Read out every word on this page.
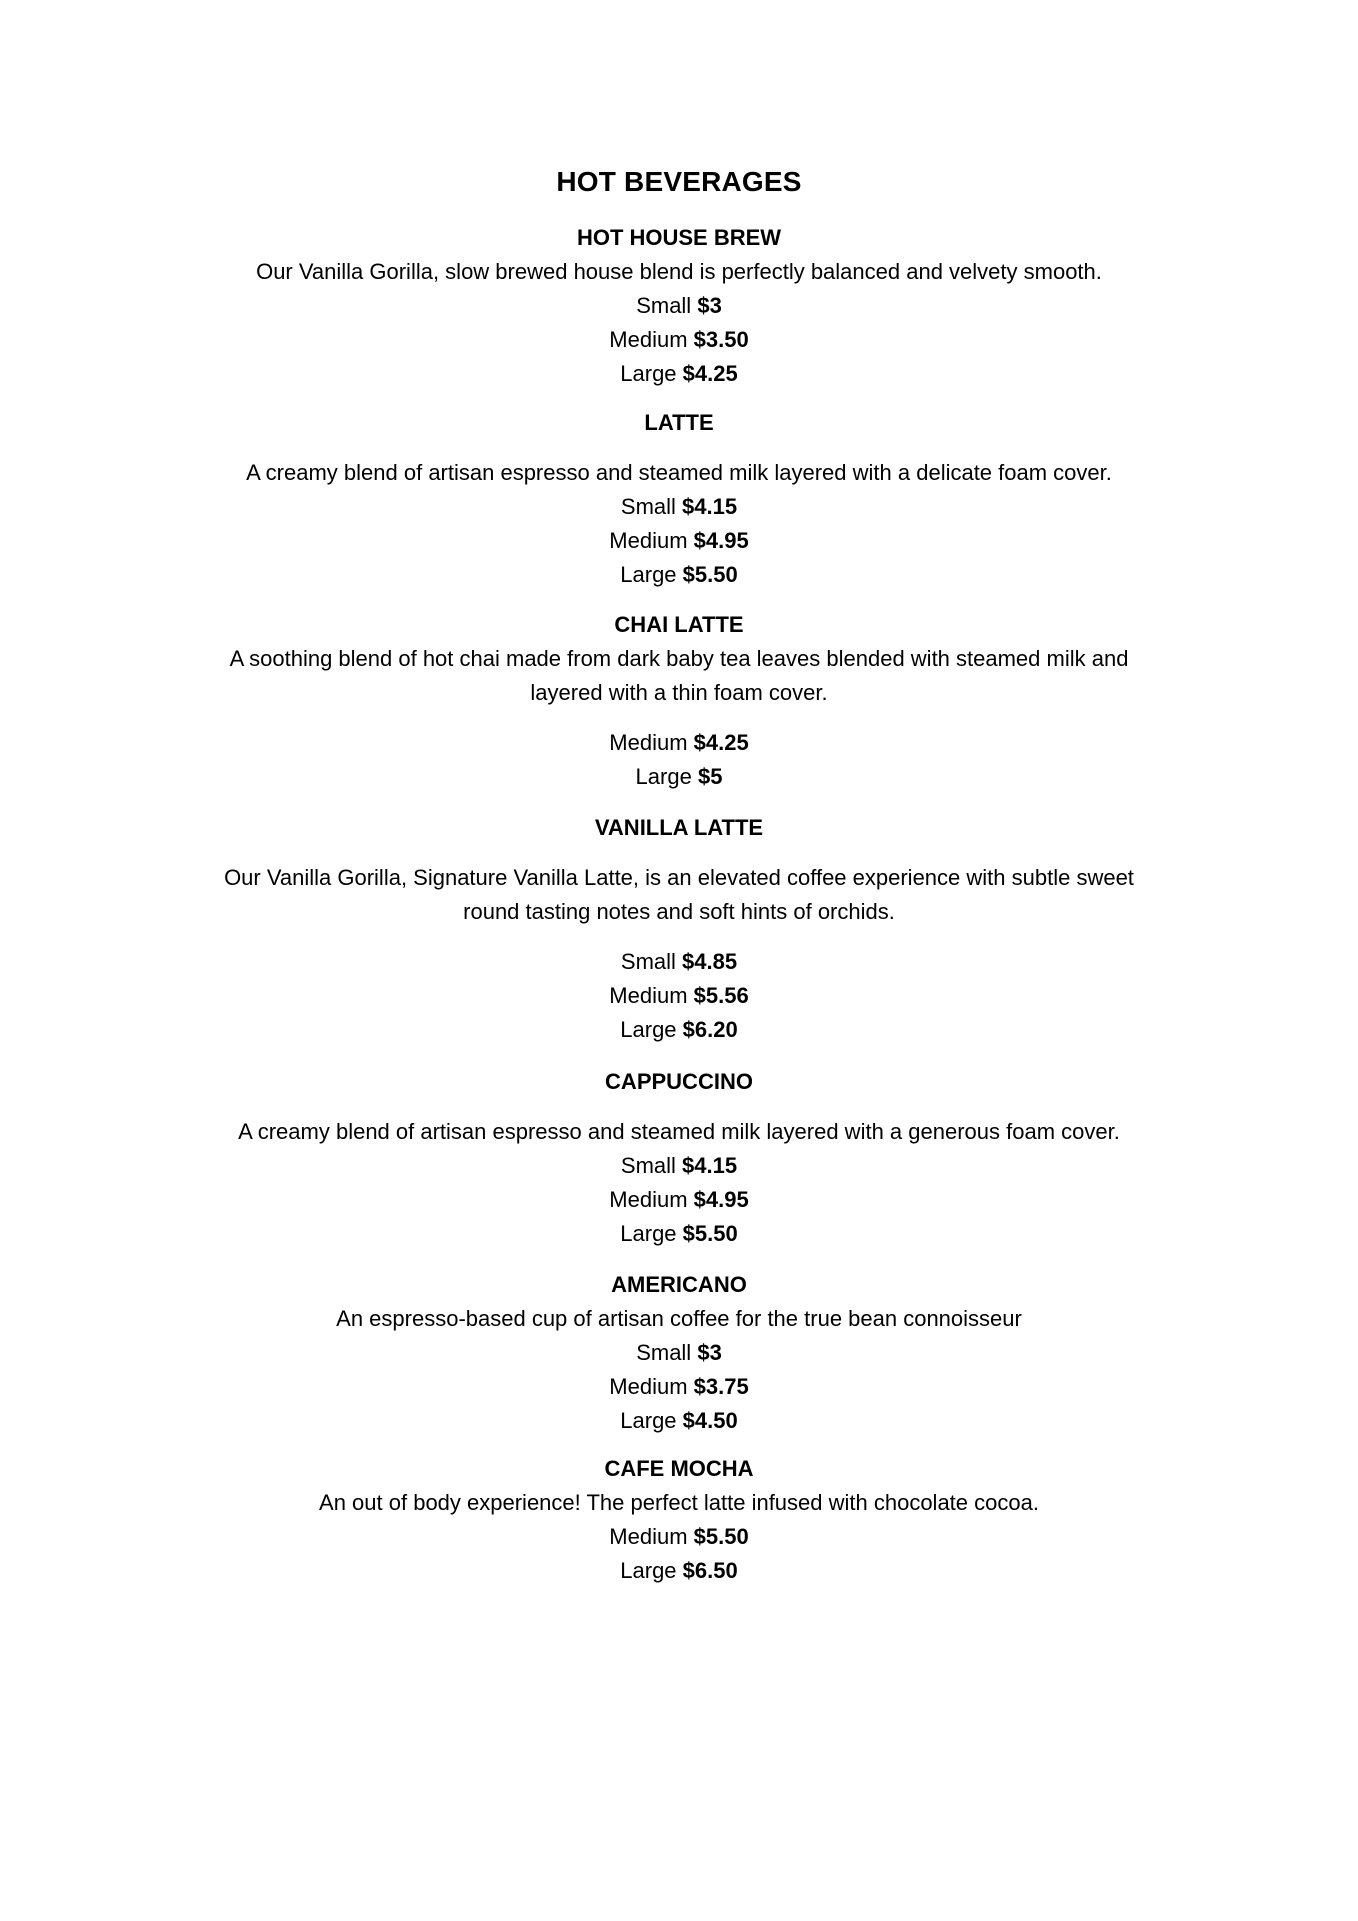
HOT BEVERAGES
HOT HOUSE BREW
Our Vanilla Gorilla, slow brewed house blend is perfectly balanced and velvety smooth.
Small $3
Medium $3.50
Large $4.25
LATTE
A creamy blend of artisan espresso and steamed milk layered with a delicate foam cover.
Small $4.15
Medium $4.95
Large $5.50
CHAI LATTE
A soothing blend of hot chai made from dark baby tea leaves blended with steamed milk and layered with a thin foam cover.
Medium $4.25
Large $5
VANILLA LATTE
Our Vanilla Gorilla, Signature Vanilla Latte, is an elevated coffee experience with subtle sweet round tasting notes and soft hints of orchids.
Small $4.85
Medium $5.56
Large $6.20
CAPPUCCINO
A creamy blend of artisan espresso and steamed milk layered with a generous foam cover.
Small $4.15
Medium $4.95
Large $5.50
AMERICANO
An espresso-based cup of artisan coffee for the true bean connoisseur
Small $3
Medium $3.75
Large $4.50
CAFE MOCHA
An out of body experience! The perfect latte infused with chocolate cocoa.
Medium $5.50
Large $6.50
